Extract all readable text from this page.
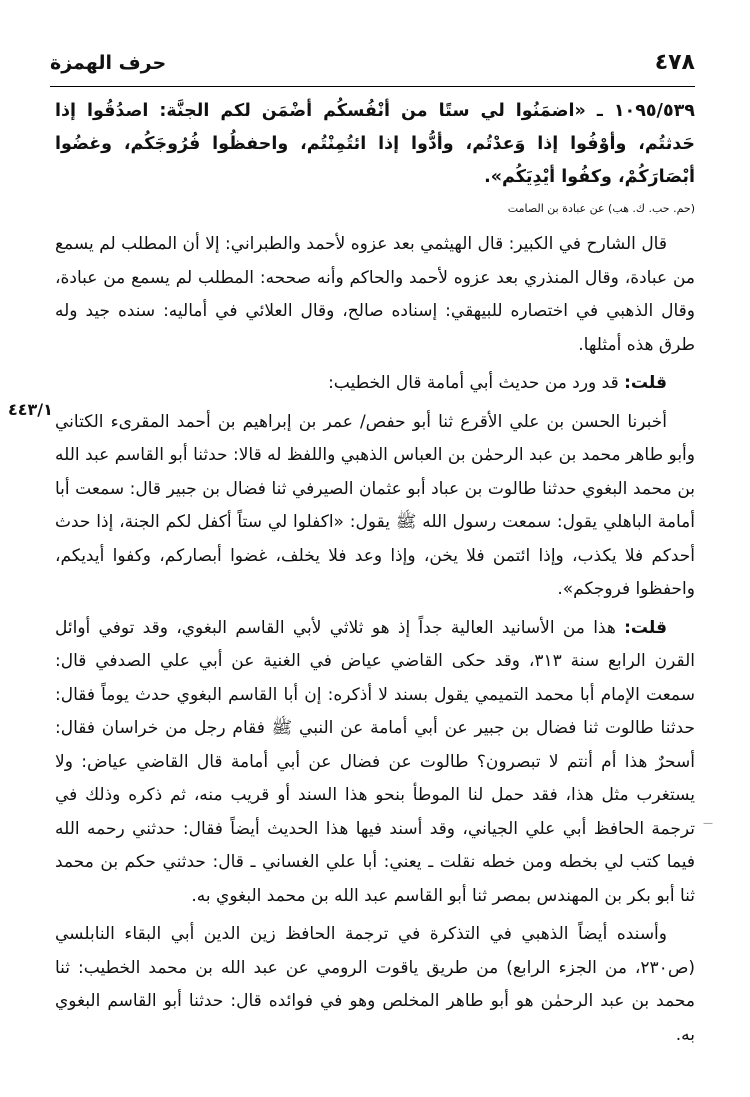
٤٧٨
حرف الهمزة
٤٤٣/١
—

١٠٩٥/٥٣٩ ـ «اضمَنُوا لي ستًا من أنْفُسكُم أضْمَن لكم الجنَّة: اصدُقُوا إذا حَدثتُم، وأوْفُوا إذا وَعدْتُم، وأدُّوا إذا ائتُمِنْتُم، واحفظُوا فُرُوجَكُم، وغضُوا أبْصَارَكُمْ، وكفُوا أيْدِيَكُم».

(حم. حب. ك. هب) عن عبادة بن الصامت

قال الشارح في الكبير: قال الهيثمي بعد عزوه لأحمد والطبراني: إلا أن المطلب لم يسمع من عبادة، وقال المنذري بعد عزوه لأحمد والحاكم وأنه صححه: المطلب لم يسمع من عبادة، وقال الذهبي في اختصاره للبيهقي: إسناده صالح، وقال العلائي في أماليه: سنده جيد وله طرق هذه أمثلها.

قلت: قد ورد من حديث أبي أمامة قال الخطيب:

أخبرنا الحسن بن علي الأقرع ثنا أبو حفص/ عمر بن إبراهيم بن أحمد المقرىء الكتاني وأبو طاهر محمد بن عبد الرحمٰن بن العباس الذهبي واللفظ له قالا: حدثنا أبو القاسم عبد الله بن محمد البغوي حدثنا طالوت بن عباد أبو عثمان الصيرفي ثنا فضال بن جبير قال: سمعت أبا أمامة الباهلي يقول: سمعت رسول الله ﷺ يقول: «اكفلوا لي ستاً أكفل لكم الجنة، إذا حدث أحدكم فلا يكذب، وإذا ائتمن فلا يخن، وإذا وعد فلا يخلف، غضوا أبصاركم، وكفوا أيديكم، واحفظوا فروجكم».

قلت: هذا من الأسانيد العالية جداً إذ هو ثلاثي لأبي القاسم البغوي، وقد توفي أوائل القرن الرابع سنة ٣١٣، وقد حكى القاضي عياض في الغنية عن أبي علي الصدفي قال: سمعت الإمام أبا محمد التميمي يقول بسند لا أذكره: إن أبا القاسم البغوي حدث يوماً فقال: حدثنا طالوت ثنا فضال بن جبير عن أبي أمامة عن النبي ﷺ فقام رجل من خراسان فقال: أسحرٌ هذا أم أنتم لا تبصرون؟ طالوت عن فضال عن أبي أمامة قال القاضي عياض: ولا يستغرب مثل هذا، فقد حمل لنا الموطأ بنحو هذا السند أو قريب منه، ثم ذكره وذلك في ترجمة الحافظ أبي علي الجياني، وقد أسند فيها هذا الحديث أيضاً فقال: حدثني رحمه الله فيما كتب لي بخطه ومن خطه نقلت ـ يعني: أبا علي الغساني ـ قال: حدثني حكم بن محمد ثنا أبو بكر بن المهندس بمصر ثنا أبو القاسم عبد الله بن محمد البغوي به.

وأسنده أيضاً الذهبي في التذكرة في ترجمة الحافظ زين الدين أبي البقاء النابلسي (ص٢٣٠، من الجزء الرابع) من طريق ياقوت الرومي عن عبد الله بن محمد الخطيب: ثنا محمد بن عبد الرحمٰن هو أبو طاهر المخلص وهو في فوائده قال: حدثنا أبو القاسم البغوي به.
